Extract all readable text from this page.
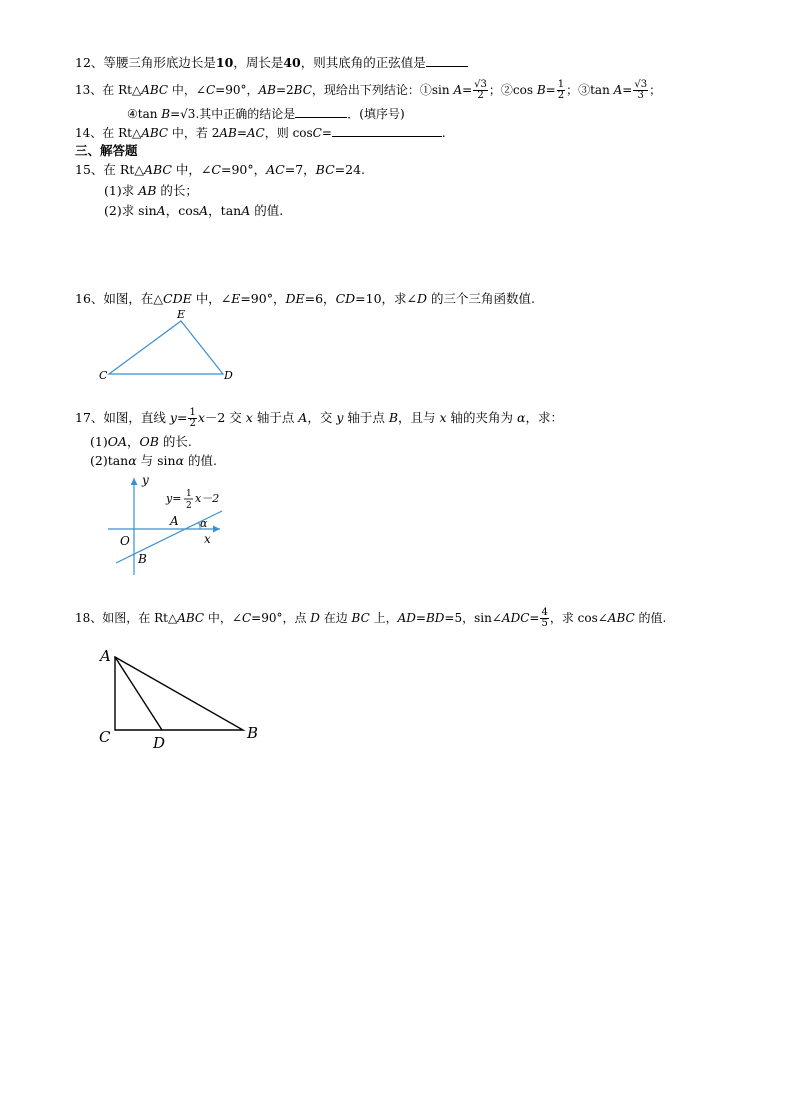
12、等腰三角形底边长是10，周长是40，则其底角的正弦值是
13、在 Rt△ABC 中，∠C=90°，AB=2BC，现给出下列结论：①sin $A= \frac{√3}{2}$ ；②cos $B= \frac{1}{2}$ ；③tan $A= \frac{√3}{3}$ ；
④tan B=√3.其中正确的结论是	．(填序号)
14、在 Rt△ABC 中，若 2AB=AC，则 cosC=	.
三、解答题
15、在 Rt△ABC 中，∠C=90°，AC=7，BC=24.
(1)求 AB 的长；
(2)求 sinA，cosA，tanA 的值.
16、如图，在△CDE 中，∠E=90°，DE=6，CD=10，求∠D 的三个三角函数值.
E
C	D
17、如图，直线 $y= \frac{1}{2} x-2$ 交 x 轴于点 A，交 y 轴于点 B，且与 x 轴的夹角为 α，求：
(1)OA，OB 的长.
(2)tanα 与 sinα 的值.
y
x
O
A
B
α
y= 1
2
x－2
18、如图，在 Rt△ABC 中，∠C=90°，点 D 在边 BC 上，AD=BD=5，sin∠ADC= $\frac{4}{5}$ ，求 cos∠ABC 的值.
A
C	D
B
